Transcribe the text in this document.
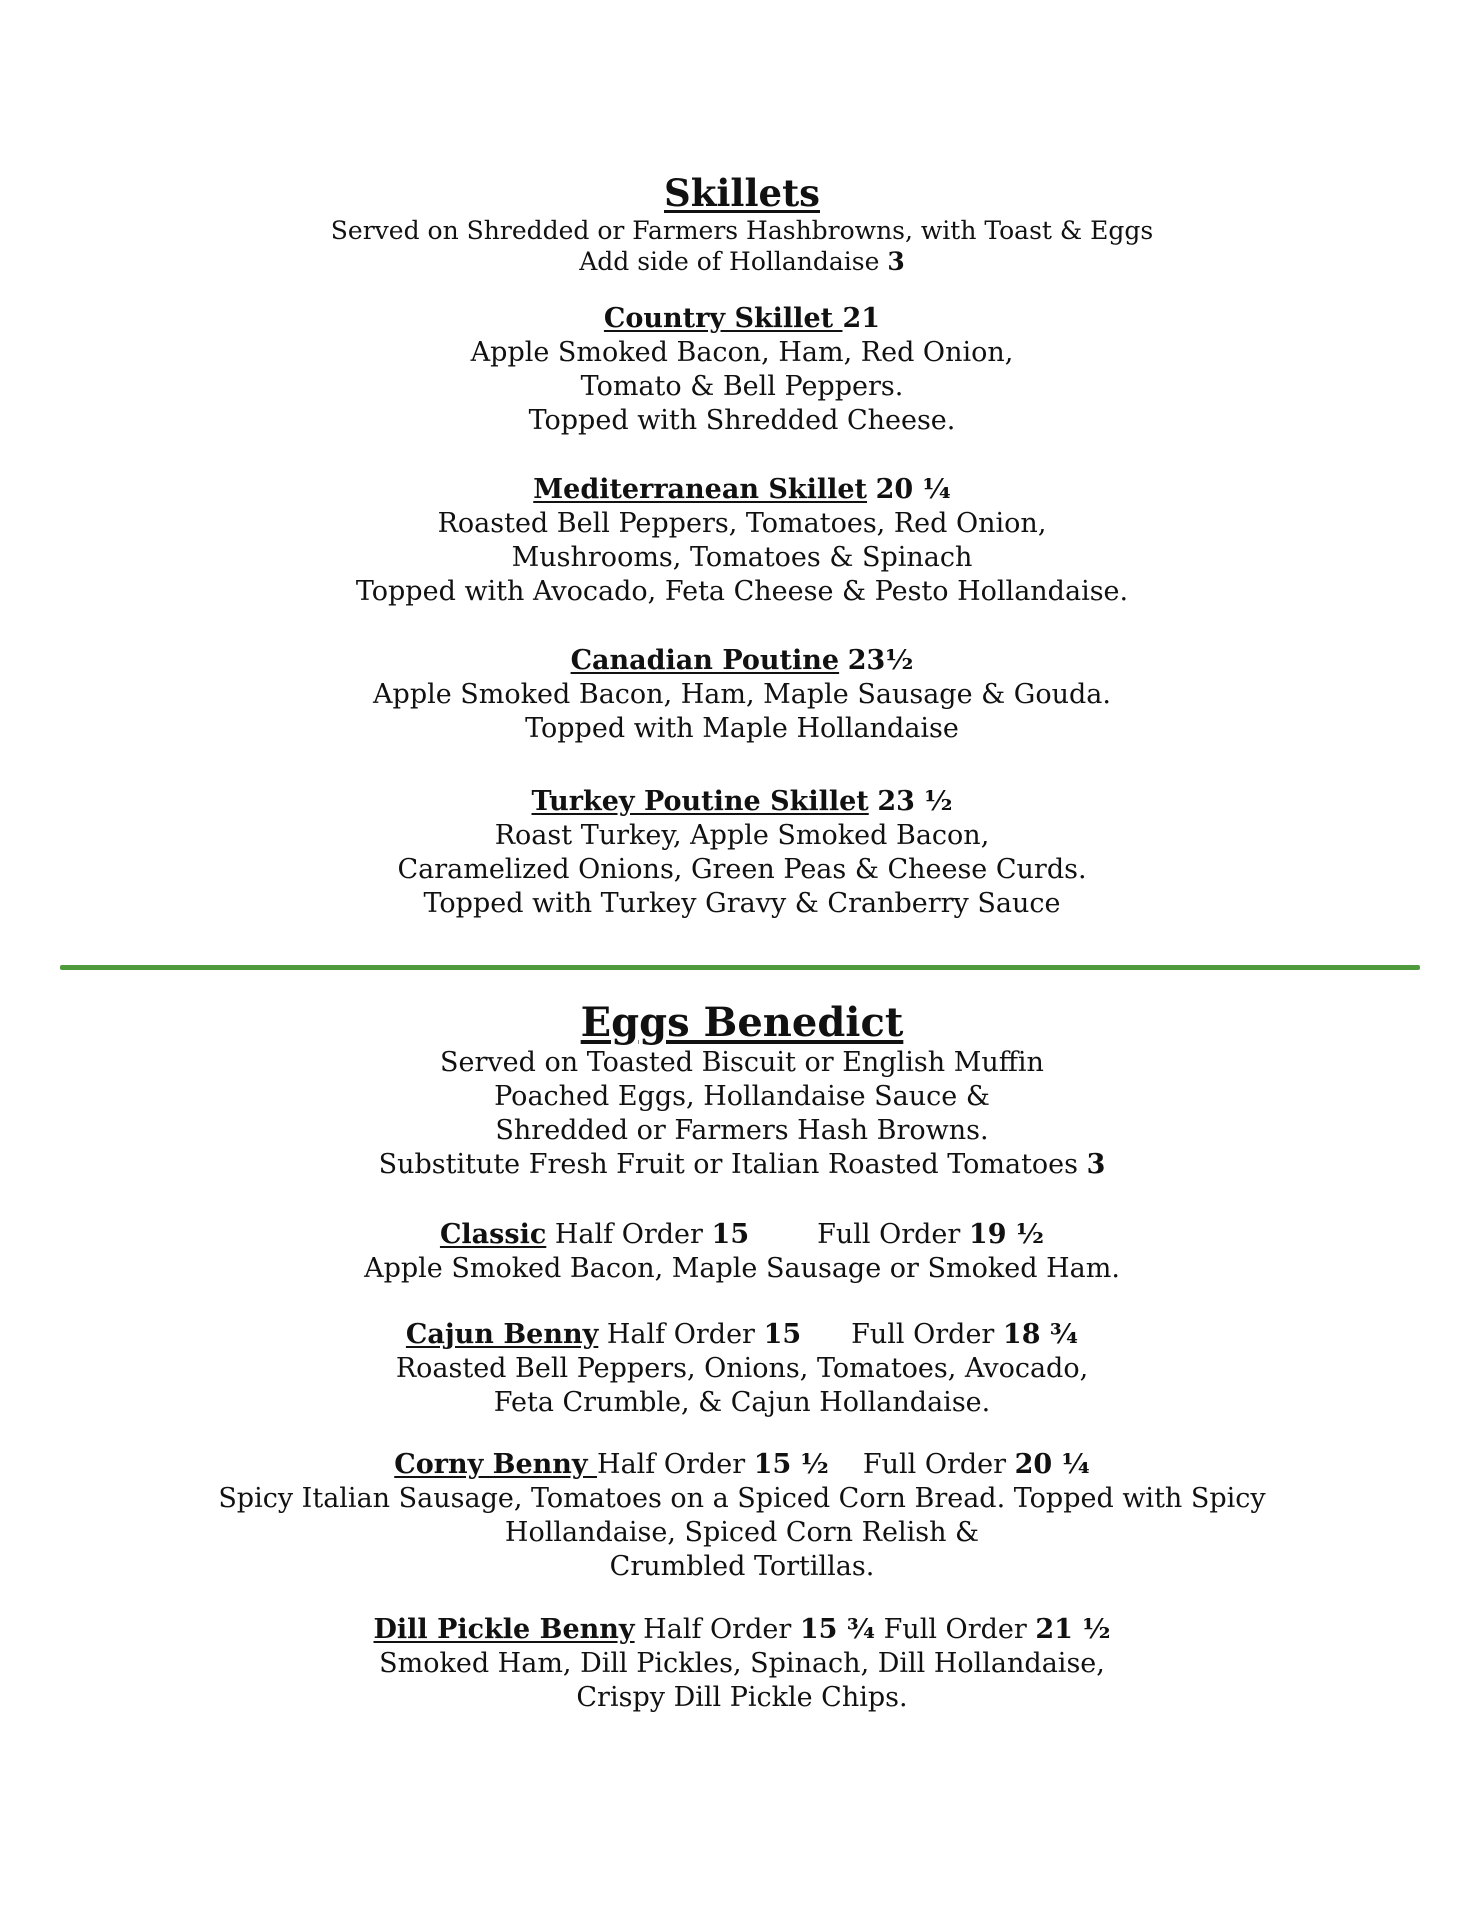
Skillets

Served on Shredded or Farmers Hashbrowns, with Toast & Eggs

Add side of Hollandaise 3

Country Skillet 21

Apple Smoked Bacon, Ham, Red Onion,

Tomato & Bell Peppers.

Topped with Shredded Cheese.

Mediterranean Skillet 20 ¼

Roasted Bell Peppers, Tomatoes, Red Onion,

Mushrooms, Tomatoes & Spinach

Topped with Avocado, Feta Cheese & Pesto Hollandaise.

Canadian Poutine 23½

Apple Smoked Bacon, Ham, Maple Sausage & Gouda.

Topped with Maple Hollandaise

Turkey Poutine Skillet 23 ½

Roast Turkey, Apple Smoked Bacon,

Caramelized Onions, Green Peas & Cheese Curds.

Topped with Turkey Gravy & Cranberry Sauce

Eggs Benedict

Served on Toasted Biscuit or English Muffin

Poached Eggs, Hollandaise Sauce &

Shredded or Farmers Hash Browns.

Substitute Fresh Fruit or Italian Roasted Tomatoes 3

Classic Half Order 15	Full Order 19 ½

Apple Smoked Bacon, Maple Sausage or Smoked Ham.

Cajun Benny Half Order 15 Full Order 18 ¾

Roasted Bell Peppers, Onions, Tomatoes, Avocado,

Feta Crumble, & Cajun Hollandaise.

Corny Benny Half Order 15 ½ Full Order 20 ¼

Spicy Italian Sausage, Tomatoes on a Spiced Corn Bread. Topped with Spicy

Hollandaise, Spiced Corn Relish &

Crumbled Tortillas.

Dill Pickle Benny Half Order 15 ¾ Full Order 21 ½

Smoked Ham, Dill Pickles, Spinach, Dill Hollandaise,

Crispy Dill Pickle Chips.
